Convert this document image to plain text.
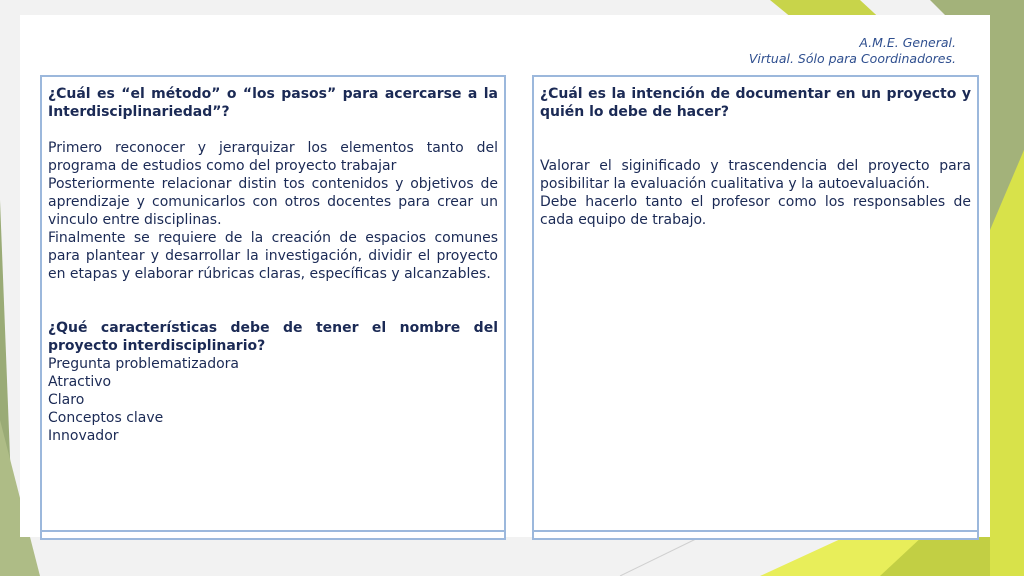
A.M.E. General.
Virtual. Sólo para Coordinadores.

¿Cuál es “el método” o “los pasos” para acercarse a la Interdisciplinariedad”?

Primero reconocer y jerarquizar los elementos tanto del programa de estudios como del proyecto trabajar

Posteriormente relacionar distin tos contenidos y objetivos de aprendizaje y comunicarlos con otros docentes para crear un vinculo entre disciplinas.

Finalmente se requiere de la creación de espacios comunes para plantear y desarrollar la investigación, dividir el proyecto en etapas y elaborar rúbricas claras, específicas y alcanzables.

¿Qué características debe de tener el nombre del proyecto interdisciplinario?

Pregunta problematizadora

Atractivo

Claro

Conceptos clave

Innovador

¿Cuál es la intención de documentar en un proyecto y quién lo debe de hacer?

Valorar el siginificado y trascendencia del proyecto para posibilitar la evaluación cualitativa y la autoevaluación.

Debe hacerlo tanto el profesor como los responsables de cada equipo de trabajo.
